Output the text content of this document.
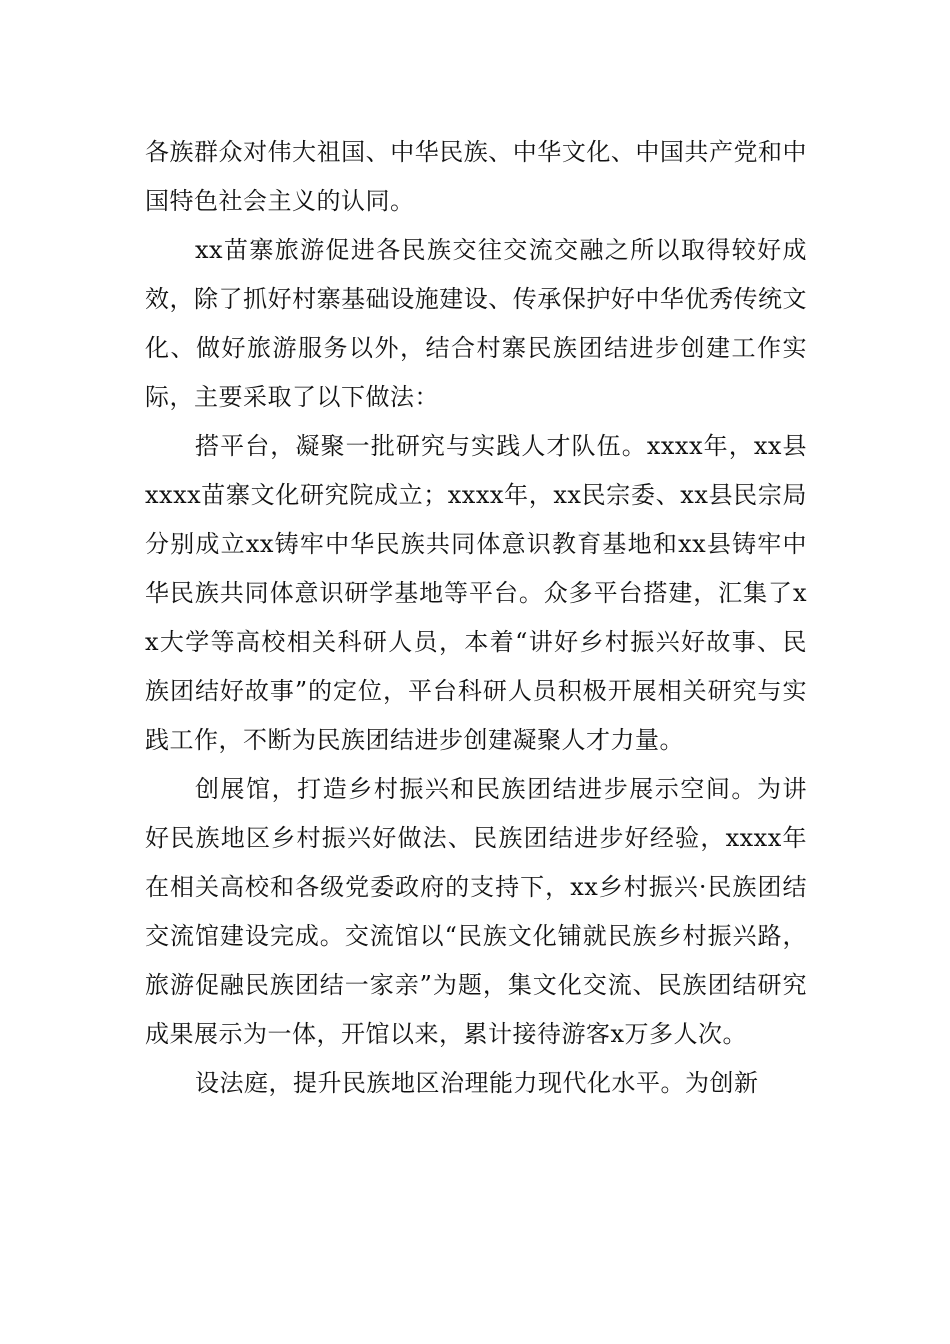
各族群众对伟大祖国、中华民族、中华文化、中国共产党和中国特色社会主义的认同。

xx苗寨旅游促进各民族交往交流交融之所以取得较好成效，除了抓好村寨基础设施建设、传承保护好中华优秀传统文化、做好旅游服务以外，结合村寨民族团结进步创建工作实际，主要采取了以下做法：

搭平台，凝聚一批研究与实践人才队伍。xxxx年，xx县xxxx苗寨文化研究院成立；xxxx年，xx民宗委、xx县民宗局分别成立xx铸牢中华民族共同体意识教育基地和xx县铸牢中华民族共同体意识研学基地等平台。众多平台搭建，汇集了xx大学等高校相关科研人员，本着“讲好乡村振兴好故事、民族团结好故事”的定位，平台科研人员积极开展相关研究与实践工作，不断为民族团结进步创建凝聚人才力量。

创展馆，打造乡村振兴和民族团结进步展示空间。为讲好民族地区乡村振兴好做法、民族团结进步好经验，xxxx年在相关高校和各级党委政府的支持下，xx乡村振兴·民族团结交流馆建设完成。交流馆以“民族文化铺就民族乡村振兴路，旅游促融民族团结一家亲”为题，集文化交流、民族团结研究成果展示为一体，开馆以来，累计接待游客x万多人次。

设法庭，提升民族地区治理能力现代化水平。为创新
